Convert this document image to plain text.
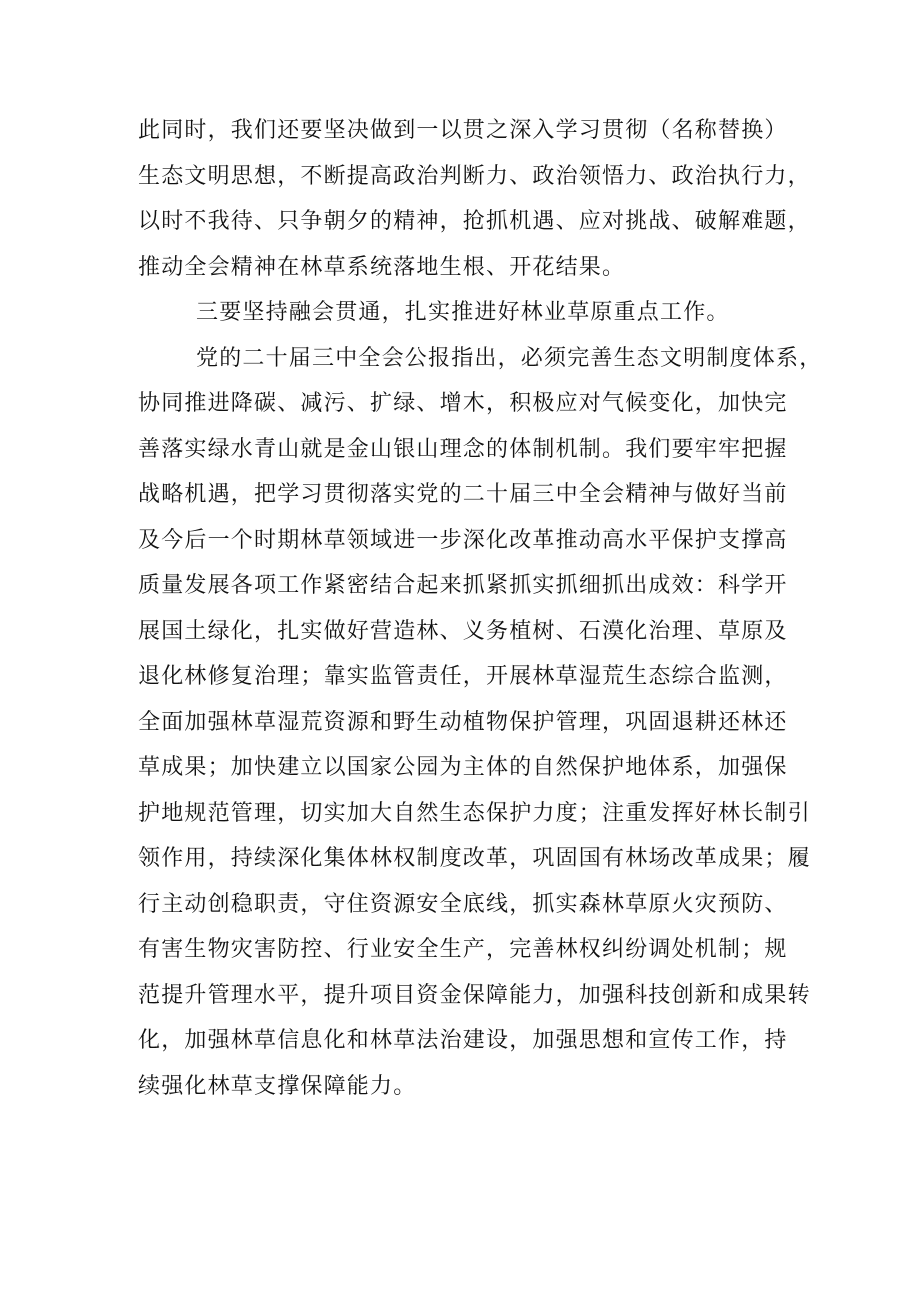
此同时，我们还要坚决做到一以贯之深入学习贯彻（名称替换）
生态文明思想，不断提高政治判断力、政治领悟力、政治执行力，
以时不我待、只争朝夕的精神，抢抓机遇、应对挑战、破解难题，
推动全会精神在林草系统落地生根、开花结果。
三要坚持融会贯通，扎实推进好林业草原重点工作。
党的二十届三中全会公报指出，必须完善生态文明制度体系，
协同推进降碳、减污、扩绿、增木，积极应对气候变化，加快完
善落实绿水青山就是金山银山理念的体制机制。我们要牢牢把握
战略机遇，把学习贯彻落实党的二十届三中全会精神与做好当前
及今后一个时期林草领域进一步深化改革推动高水平保护支撑高
质量发展各项工作紧密结合起来抓紧抓实抓细抓出成效：科学开
展国土绿化，扎实做好营造林、义务植树、石漠化治理、草原及
退化林修复治理；靠实监管责任，开展林草湿荒生态综合监测，
全面加强林草湿荒资源和野生动植物保护管理，巩固退耕还林还
草成果；加快建立以国家公园为主体的自然保护地体系，加强保
护地规范管理，切实加大自然生态保护力度；注重发挥好林长制引
领作用，持续深化集体林权制度改革，巩固国有林场改革成果；履
行主动创稳职责，守住资源安全底线，抓实森林草原火灾预防、
有害生物灾害防控、行业安全生产，完善林权纠纷调处机制；规
范提升管理水平，提升项目资金保障能力，加强科技创新和成果转
化，加强林草信息化和林草法治建设，加强思想和宣传工作，持
续强化林草支撑保障能力。
